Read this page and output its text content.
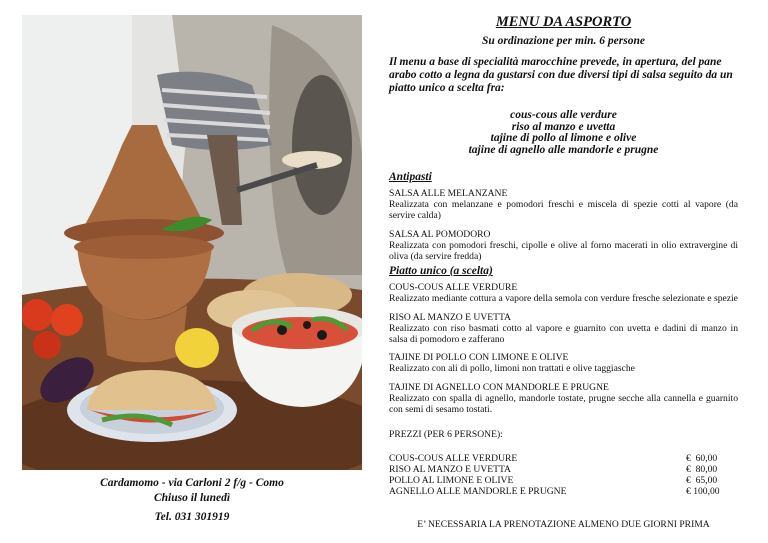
Cardamomo - via Carloni 2 f/g - Como
Chiuso il lunedì
Tel. 031 301919
MENU DA ASPORTO
Su ordinazione per min. 6 persone
Il menu a base di specialità marocchine prevede, in apertura, del pane arabo cotto a legna da gustarsi con due diversi tipi di salsa seguito da un piatto unico a scelta fra:
cous-cous alle verdure
riso al manzo e uvetta
tajine di pollo al limone e olive
tajine di agnello alle mandorle e prugne
Antipasti
SALSA ALLE MELANZANE
Realizzata con melanzane e pomodori freschi e miscela di spezie cotti al vapore (da servire calda)
SALSA AL POMODORO
Realizzata con pomodori freschi, cipolle e olive al forno macerati in olio extravergine di oliva (da servire fredda)
Piatto unico (a scelta)
COUS-COUS ALLE VERDURE
Realizzato mediante cottura a vapore della semola con verdure fresche selezionate e spezie
RISO AL MANZO E UVETTA
Realizzato con riso basmati cotto al vapore e guarnito con uvetta e dadini di manzo in salsa di pomodoro e zafferano
TAJINE DI POLLO CON LIMONE E OLIVE
Realizzato con ali di pollo, limoni non trattati e olive taggiasche
TAJINE DI AGNELLO CON MANDORLE E PRUGNE
Realizzato con spalla di agnello, mandorle tostate, prugne secche alla cannella e guarnito con semi di sesamo tostati.
PREZZI (PER 6 PERSONE):
COUS-COUS ALLE VERDURE	€  60,00
RISO AL MANZO E UVETTA	€  80,00
POLLO AL LIMONE E OLIVE	€  65,00
AGNELLO ALLE MANDORLE E PRUGNE	€ 100,00
E’ NECESSARIA LA PRENOTAZIONE ALMENO DUE GIORNI PRIMA
